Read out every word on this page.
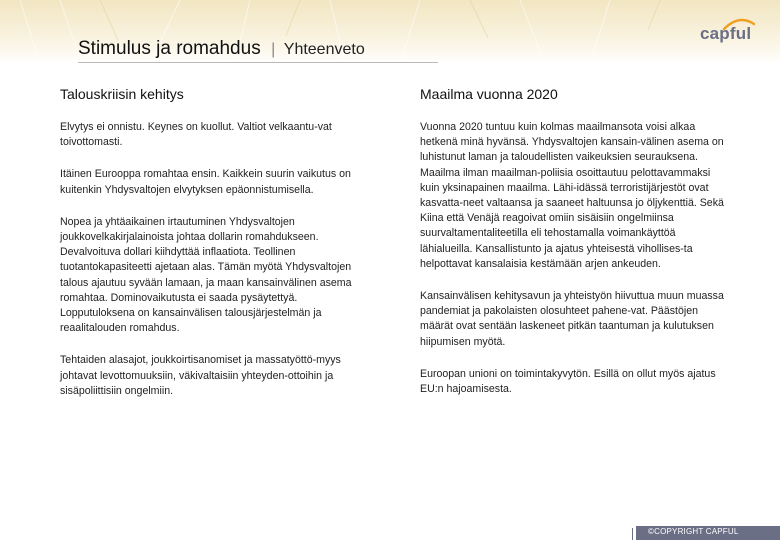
Stimulus ja romahdus | Yhteenveto
capful
Talouskriisin kehitys

Elvytys ei onnistu. Keynes on kuollut. Valtiot velkaantu-vat toivottomasti.

Itäinen Eurooppa romahtaa ensin. Kaikkein suurin vaikutus on kuitenkin Yhdysvaltojen elvytyksen epäonnistumisella.

Nopea ja yhtäaikainen irtautuminen Yhdysvaltojen joukkovelkakirjalainoista johtaa dollarin romahdukseen. Devalvoituva dollari kiihdyttää inflaatiota. Teollinen tuotantokapasiteetti ajetaan alas. Tämän myötä Yhdysvaltojen talous ajautuu syvään lamaan, ja maan kansainvälinen asema romahtaa. Dominovaikutusta ei saada pysäytettyä. Lopputuloksena on kansainvälisen talousjärjestelmän ja reaalitalouden romahdus.

Tehtaiden alasajot, joukkoirtisanomiset ja massatyöttö-myys johtavat levottomuuksiin, väkivaltaisiin yhteyden-ottoihin ja sisäpoliittisiin ongelmiin.

Maailma vuonna 2020

Vuonna 2020 tuntuu kuin kolmas maailmansota voisi alkaa hetkenä minä hyvänsä. Yhdysvaltojen kansain-välinen asema on luhistunut laman ja taloudellisten vaikeuksien seurauksena. Maailma ilman maailman-poliisia osoittautuu pelottavammaksi kuin yksinapainen maailma. Lähi-idässä terroristijärjestöt ovat kasvatta-neet valtaansa ja saaneet haltuunsa jo öljykenttiä. Sekä Kiina että Venäjä reagoivat omiin sisäisiin ongelmiinsa suurvaltamentaliteetilla eli tehostamalla voimankäyttöä lähialueilla. Kansallistunto ja ajatus yhteisestä vihollises-ta helpottavat kansalaisia kestämään arjen ankeuden.

Kansainvälisen kehitysavun ja yhteistyön hiivuttua muun muassa pandemiat ja pakolaisten olosuhteet pahene-vat. Päästöjen määrät ovat sentään laskeneet pitkän taantuman ja kulutuksen hiipumisen myötä.

Euroopan unioni on toimintakyvytön. Esillä on ollut myös ajatus EU:n hajoamisesta.

©COPYRIGHT CAPFUL
